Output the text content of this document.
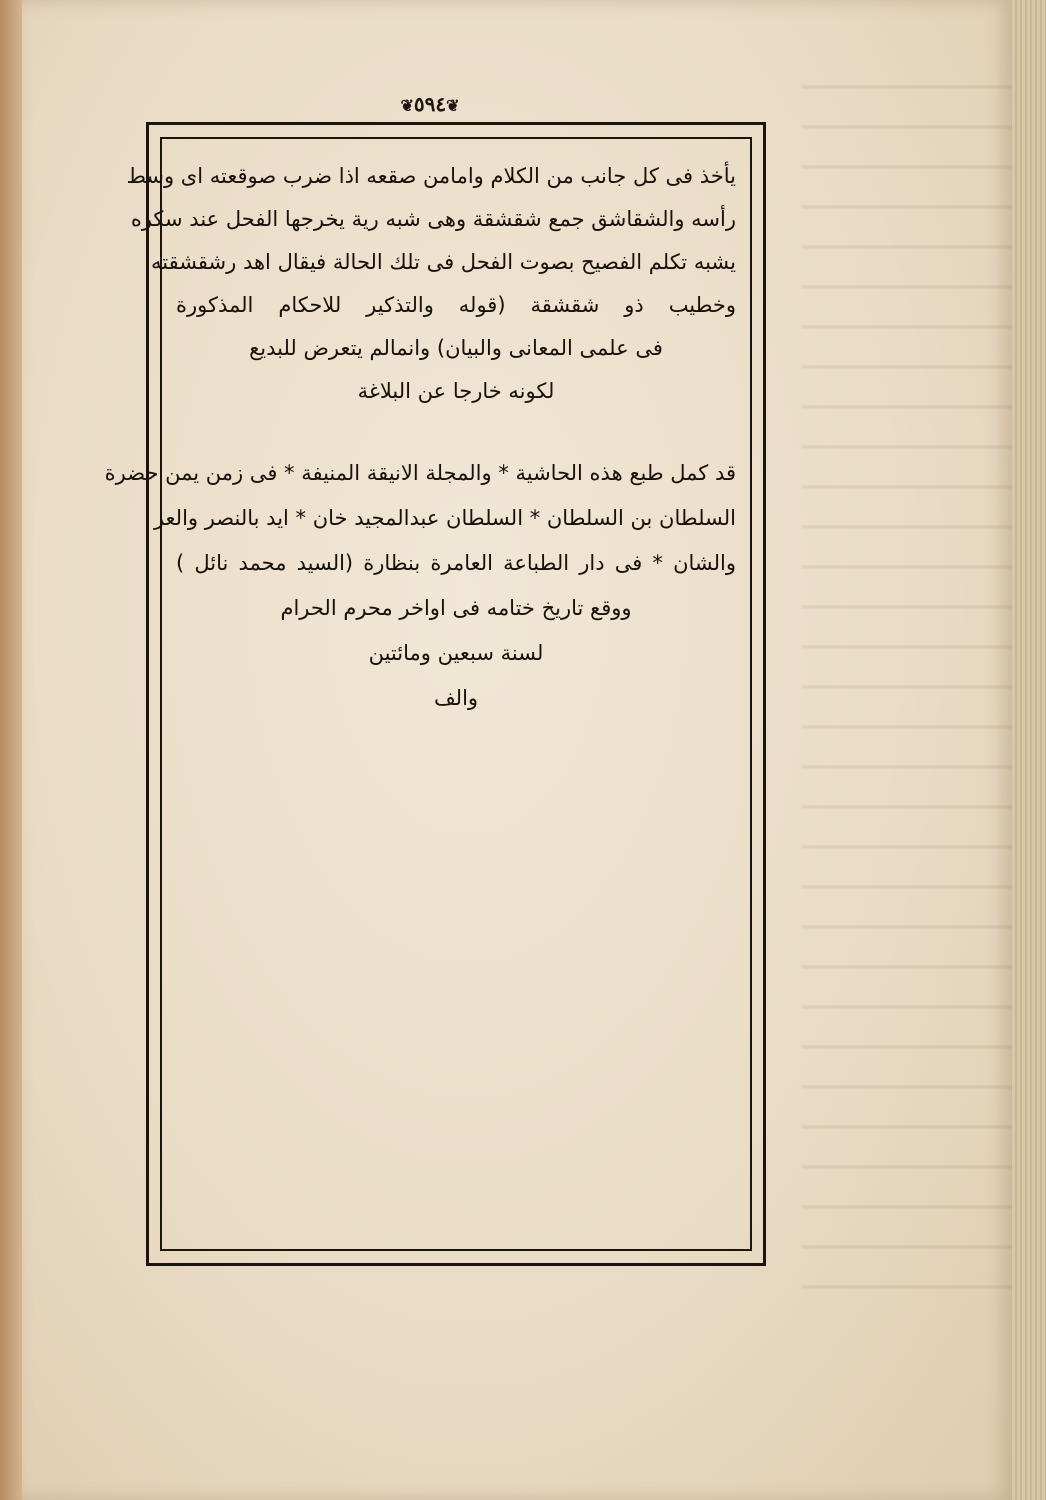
❦٥٩٤❦
يأخذ فى كل جانب من الكلام وامامن صقعه اذا ضرب صوقعته اى وسط
رأسه والشقاشق جمع شقشقة وهى شبه رية يخرجها الفحل عند سكره
يشبه تكلم الفصيح بصوت الفحل فى تلك الحالة فيقال اهد رشقشقته
وخطيب ذو شقشقة (قوله والتذكير للاحكام المذكورة
فى علمى المعانى والبيان) وانمالم يتعرض للبديع
لكونه خارجا عن البلاغة
قد كمل طبع هذه الحاشية * والمجلة الانيقة المنيفة * فى زمن يمن حضرة
السلطان بن السلطان * السلطان عبدالمجيد خان * ايد بالنصر والعز
والشان * فى دار الطباعة العامرة بنظارة (السيد محمد نائل )
ووقع تاريخ ختامه فى اواخر محرم الحرام
لسنة سبعين ومائتين
والف
